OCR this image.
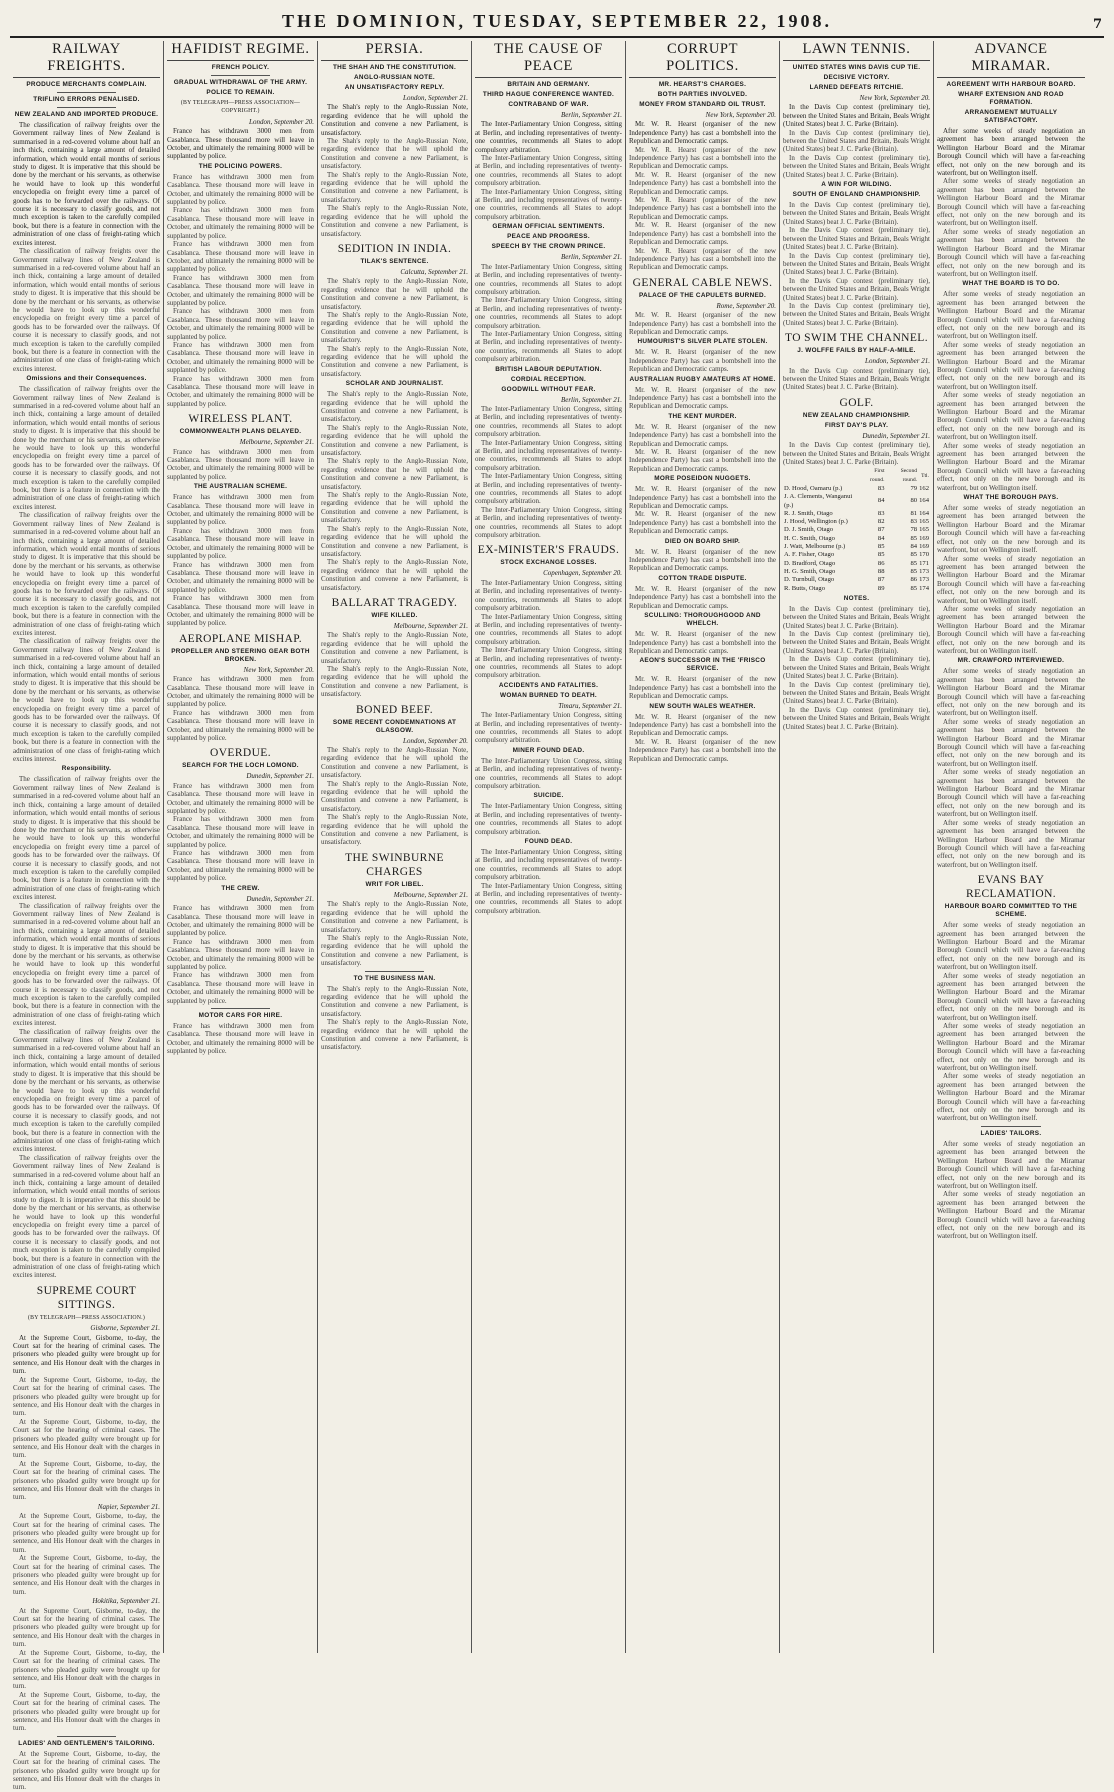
THE DOMINION, TUESDAY, SEPTEMBER 22, 1908.	7
RAILWAY FREIGHTS.
PRODUCE MERCHANTS COMPLAIN.
TRIFLING ERRORS PENALISED.
NEW ZEALAND AND IMPORTED PRODUCE.

The classification of railway freights over the Government railway lines of New Zealand is summarised in a red-covered volume about half an inch thick, containing a large amount of detailed information, which would entail months of serious study to digest. It is imperative that this should be done by the merchant or his servants, as otherwise he would have to look up this wonderful encyclopedia on freight every time a parcel of goods has to be forwarded over the railways. Of course it is necessary to classify goods, and not much exception is taken to the carefully compiled book, but there is a feature in connection with the administration of one class of freight-rating which excites interest.

The classification of railway freights over the Government railway lines of New Zealand is summarised in a red-covered volume about half an inch thick, containing a large amount of detailed information, which would entail months of serious study to digest. It is imperative that this should be done by the merchant or his servants, as otherwise he would have to look up this wonderful encyclopedia on freight every time a parcel of goods has to be forwarded over the railways. Of course it is necessary to classify goods, and not much exception is taken to the carefully compiled book, but there is a feature in connection with the administration of one class of freight-rating which excites interest.

Omissions and their Consequences.

The classification of railway freights over the Government railway lines of New Zealand is summarised in a red-covered volume about half an inch thick, containing a large amount of detailed information, which would entail months of serious study to digest. It is imperative that this should be done by the merchant or his servants, as otherwise he would have to look up this wonderful encyclopedia on freight every time a parcel of goods has to be forwarded over the railways. Of course it is necessary to classify goods, and not much exception is taken to the carefully compiled book, but there is a feature in connection with the administration of one class of freight-rating which excites interest.

The classification of railway freights over the Government railway lines of New Zealand is summarised in a red-covered volume about half an inch thick, containing a large amount of detailed information, which would entail months of serious study to digest. It is imperative that this should be done by the merchant or his servants, as otherwise he would have to look up this wonderful encyclopedia on freight every time a parcel of goods has to be forwarded over the railways. Of course it is necessary to classify goods, and not much exception is taken to the carefully compiled book, but there is a feature in connection with the administration of one class of freight-rating which excites interest.

The classification of railway freights over the Government railway lines of New Zealand is summarised in a red-covered volume about half an inch thick, containing a large amount of detailed information, which would entail months of serious study to digest. It is imperative that this should be done by the merchant or his servants, as otherwise he would have to look up this wonderful encyclopedia on freight every time a parcel of goods has to be forwarded over the railways. Of course it is necessary to classify goods, and not much exception is taken to the carefully compiled book, but there is a feature in connection with the administration of one class of freight-rating which excites interest.

Responsibility.

The classification of railway freights over the Government railway lines of New Zealand is summarised in a red-covered volume about half an inch thick, containing a large amount of detailed information, which would entail months of serious study to digest. It is imperative that this should be done by the merchant or his servants, as otherwise he would have to look up this wonderful encyclopedia on freight every time a parcel of goods has to be forwarded over the railways. Of course it is necessary to classify goods, and not much exception is taken to the carefully compiled book, but there is a feature in connection with the administration of one class of freight-rating which excites interest.

The classification of railway freights over the Government railway lines of New Zealand is summarised in a red-covered volume about half an inch thick, containing a large amount of detailed information, which would entail months of serious study to digest. It is imperative that this should be done by the merchant or his servants, as otherwise he would have to look up this wonderful encyclopedia on freight every time a parcel of goods has to be forwarded over the railways. Of course it is necessary to classify goods, and not much exception is taken to the carefully compiled book, but there is a feature in connection with the administration of one class of freight-rating which excites interest.

The classification of railway freights over the Government railway lines of New Zealand is summarised in a red-covered volume about half an inch thick, containing a large amount of detailed information, which would entail months of serious study to digest. It is imperative that this should be done by the merchant or his servants, as otherwise he would have to look up this wonderful encyclopedia on freight every time a parcel of goods has to be forwarded over the railways. Of course it is necessary to classify goods, and not much exception is taken to the carefully compiled book, but there is a feature in connection with the administration of one class of freight-rating which excites interest.

The classification of railway freights over the Government railway lines of New Zealand is summarised in a red-covered volume about half an inch thick, containing a large amount of detailed information, which would entail months of serious study to digest. It is imperative that this should be done by the merchant or his servants, as otherwise he would have to look up this wonderful encyclopedia on freight every time a parcel of goods has to be forwarded over the railways. Of course it is necessary to classify goods, and not much exception is taken to the carefully compiled book, but there is a feature in connection with the administration of one class of freight-rating which excites interest.

SUPREME COURT SITTINGS.
(BY TELEGRAPH—PRESS ASSOCIATION.)
Gisborne, September 21.

At the Supreme Court, Gisborne, to-day, the Court sat for the hearing of criminal cases. The prisoners who pleaded guilty were brought up for sentence, and His Honour dealt with the charges in turn.

At the Supreme Court, Gisborne, to-day, the Court sat for the hearing of criminal cases. The prisoners who pleaded guilty were brought up for sentence, and His Honour dealt with the charges in turn.

At the Supreme Court, Gisborne, to-day, the Court sat for the hearing of criminal cases. The prisoners who pleaded guilty were brought up for sentence, and His Honour dealt with the charges in turn.

At the Supreme Court, Gisborne, to-day, the Court sat for the hearing of criminal cases. The prisoners who pleaded guilty were brought up for sentence, and His Honour dealt with the charges in turn.

Napier, September 21.

At the Supreme Court, Gisborne, to-day, the Court sat for the hearing of criminal cases. The prisoners who pleaded guilty were brought up for sentence, and His Honour dealt with the charges in turn.

At the Supreme Court, Gisborne, to-day, the Court sat for the hearing of criminal cases. The prisoners who pleaded guilty were brought up for sentence, and His Honour dealt with the charges in turn.

Hokitika, September 21.

At the Supreme Court, Gisborne, to-day, the Court sat for the hearing of criminal cases. The prisoners who pleaded guilty were brought up for sentence, and His Honour dealt with the charges in turn.

At the Supreme Court, Gisborne, to-day, the Court sat for the hearing of criminal cases. The prisoners who pleaded guilty were brought up for sentence, and His Honour dealt with the charges in turn.

At the Supreme Court, Gisborne, to-day, the Court sat for the hearing of criminal cases. The prisoners who pleaded guilty were brought up for sentence, and His Honour dealt with the charges in turn.

LADIES' AND GENTLEMEN'S TAILORING.

At the Supreme Court, Gisborne, to-day, the Court sat for the hearing of criminal cases. The prisoners who pleaded guilty were brought up for sentence, and His Honour dealt with the charges in turn.

HAFIDIST REGIME.
FRENCH POLICY.
GRADUAL WITHDRAWAL OF THE ARMY.
POLICE TO REMAIN.
(BY TELEGRAPH—PRESS ASSOCIATION—COPYRIGHT.)
London, September 20.

France has withdrawn 3000 men from Casablanca. These thousand more will leave in October, and ultimately the remaining 8000 will be supplanted by police.

THE POLICING POWERS.

France has withdrawn 3000 men from Casablanca. These thousand more will leave in October, and ultimately the remaining 8000 will be supplanted by police.

France has withdrawn 3000 men from Casablanca. These thousand more will leave in October, and ultimately the remaining 8000 will be supplanted by police.

France has withdrawn 3000 men from Casablanca. These thousand more will leave in October, and ultimately the remaining 8000 will be supplanted by police.

France has withdrawn 3000 men from Casablanca. These thousand more will leave in October, and ultimately the remaining 8000 will be supplanted by police.

France has withdrawn 3000 men from Casablanca. These thousand more will leave in October, and ultimately the remaining 8000 will be supplanted by police.

France has withdrawn 3000 men from Casablanca. These thousand more will leave in October, and ultimately the remaining 8000 will be supplanted by police.

France has withdrawn 3000 men from Casablanca. These thousand more will leave in October, and ultimately the remaining 8000 will be supplanted by police.

WIRELESS PLANT.
COMMONWEALTH PLANS DELAYED.
Melbourne, September 21.

France has withdrawn 3000 men from Casablanca. These thousand more will leave in October, and ultimately the remaining 8000 will be supplanted by police.

THE AUSTRALIAN SCHEME.

France has withdrawn 3000 men from Casablanca. These thousand more will leave in October, and ultimately the remaining 8000 will be supplanted by police.

France has withdrawn 3000 men from Casablanca. These thousand more will leave in October, and ultimately the remaining 8000 will be supplanted by police.

France has withdrawn 3000 men from Casablanca. These thousand more will leave in October, and ultimately the remaining 8000 will be supplanted by police.

France has withdrawn 3000 men from Casablanca. These thousand more will leave in October, and ultimately the remaining 8000 will be supplanted by police.

AEROPLANE MISHAP.
PROPELLER AND STEERING GEAR BOTH BROKEN.
New York, September 20.

France has withdrawn 3000 men from Casablanca. These thousand more will leave in October, and ultimately the remaining 8000 will be supplanted by police.

France has withdrawn 3000 men from Casablanca. These thousand more will leave in October, and ultimately the remaining 8000 will be supplanted by police.

OVERDUE.
SEARCH FOR THE LOCH LOMOND.
Dunedin, September 21.

France has withdrawn 3000 men from Casablanca. These thousand more will leave in October, and ultimately the remaining 8000 will be supplanted by police.

France has withdrawn 3000 men from Casablanca. These thousand more will leave in October, and ultimately the remaining 8000 will be supplanted by police.

France has withdrawn 3000 men from Casablanca. These thousand more will leave in October, and ultimately the remaining 8000 will be supplanted by police.

THE CREW.
Dunedin, September 21.

France has withdrawn 3000 men from Casablanca. These thousand more will leave in October, and ultimately the remaining 8000 will be supplanted by police.

France has withdrawn 3000 men from Casablanca. These thousand more will leave in October, and ultimately the remaining 8000 will be supplanted by police.

France has withdrawn 3000 men from Casablanca. These thousand more will leave in October, and ultimately the remaining 8000 will be supplanted by police.

MOTOR CARS FOR HIRE.

France has withdrawn 3000 men from Casablanca. These thousand more will leave in October, and ultimately the remaining 8000 will be supplanted by police.

PERSIA.
THE SHAH AND THE CONSTITUTION.
ANGLO-RUSSIAN NOTE.
AN UNSATISFACTORY REPLY.
London, September 21.

The Shah's reply to the Anglo-Russian Note, regarding evidence that he will uphold the Constitution and convene a new Parliament, is unsatisfactory.

The Shah's reply to the Anglo-Russian Note, regarding evidence that he will uphold the Constitution and convene a new Parliament, is unsatisfactory.

The Shah's reply to the Anglo-Russian Note, regarding evidence that he will uphold the Constitution and convene a new Parliament, is unsatisfactory.

The Shah's reply to the Anglo-Russian Note, regarding evidence that he will uphold the Constitution and convene a new Parliament, is unsatisfactory.

SEDITION IN INDIA.
TILAK'S SENTENCE.
Calcutta, September 21.

The Shah's reply to the Anglo-Russian Note, regarding evidence that he will uphold the Constitution and convene a new Parliament, is unsatisfactory.

The Shah's reply to the Anglo-Russian Note, regarding evidence that he will uphold the Constitution and convene a new Parliament, is unsatisfactory.

The Shah's reply to the Anglo-Russian Note, regarding evidence that he will uphold the Constitution and convene a new Parliament, is unsatisfactory.

SCHOLAR AND JOURNALIST.

The Shah's reply to the Anglo-Russian Note, regarding evidence that he will uphold the Constitution and convene a new Parliament, is unsatisfactory.

The Shah's reply to the Anglo-Russian Note, regarding evidence that he will uphold the Constitution and convene a new Parliament, is unsatisfactory.

The Shah's reply to the Anglo-Russian Note, regarding evidence that he will uphold the Constitution and convene a new Parliament, is unsatisfactory.

The Shah's reply to the Anglo-Russian Note, regarding evidence that he will uphold the Constitution and convene a new Parliament, is unsatisfactory.

The Shah's reply to the Anglo-Russian Note, regarding evidence that he will uphold the Constitution and convene a new Parliament, is unsatisfactory.

The Shah's reply to the Anglo-Russian Note, regarding evidence that he will uphold the Constitution and convene a new Parliament, is unsatisfactory.

BALLARAT TRAGEDY.
WIFE KILLED.
Melbourne, September 21.

The Shah's reply to the Anglo-Russian Note, regarding evidence that he will uphold the Constitution and convene a new Parliament, is unsatisfactory.

The Shah's reply to the Anglo-Russian Note, regarding evidence that he will uphold the Constitution and convene a new Parliament, is unsatisfactory.

BONED BEEF.
SOME RECENT CONDEMNATIONS AT GLASGOW.
London, September 20.

The Shah's reply to the Anglo-Russian Note, regarding evidence that he will uphold the Constitution and convene a new Parliament, is unsatisfactory.

The Shah's reply to the Anglo-Russian Note, regarding evidence that he will uphold the Constitution and convene a new Parliament, is unsatisfactory.

The Shah's reply to the Anglo-Russian Note, regarding evidence that he will uphold the Constitution and convene a new Parliament, is unsatisfactory.

THE SWINBURNE CHARGES
WRIT FOR LIBEL.
Melbourne, September 21.

The Shah's reply to the Anglo-Russian Note, regarding evidence that he will uphold the Constitution and convene a new Parliament, is unsatisfactory.

The Shah's reply to the Anglo-Russian Note, regarding evidence that he will uphold the Constitution and convene a new Parliament, is unsatisfactory.

TO THE BUSINESS MAN.

The Shah's reply to the Anglo-Russian Note, regarding evidence that he will uphold the Constitution and convene a new Parliament, is unsatisfactory.

The Shah's reply to the Anglo-Russian Note, regarding evidence that he will uphold the Constitution and convene a new Parliament, is unsatisfactory.

THE CAUSE OF PEACE
BRITAIN AND GERMANY.
THIRD HAGUE CONFERENCE WANTED.
CONTRABAND OF WAR.
Berlin, September 21.

The Inter-Parliamentary Union Congress, sitting at Berlin, and including representatives of twenty-one countries, recommends all States to adopt compulsory arbitration.

The Inter-Parliamentary Union Congress, sitting at Berlin, and including representatives of twenty-one countries, recommends all States to adopt compulsory arbitration.

The Inter-Parliamentary Union Congress, sitting at Berlin, and including representatives of twenty-one countries, recommends all States to adopt compulsory arbitration.

GERMAN OFFICIAL SENTIMENTS.
PEACE AND PROGRESS.
SPEECH BY THE CROWN PRINCE.
Berlin, September 21.

The Inter-Parliamentary Union Congress, sitting at Berlin, and including representatives of twenty-one countries, recommends all States to adopt compulsory arbitration.

The Inter-Parliamentary Union Congress, sitting at Berlin, and including representatives of twenty-one countries, recommends all States to adopt compulsory arbitration.

The Inter-Parliamentary Union Congress, sitting at Berlin, and including representatives of twenty-one countries, recommends all States to adopt compulsory arbitration.

BRITISH LABOUR DEPUTATION.
CORDIAL RECEPTION.
GOODWILL WITHOUT FEAR.
Berlin, September 21.

The Inter-Parliamentary Union Congress, sitting at Berlin, and including representatives of twenty-one countries, recommends all States to adopt compulsory arbitration.

The Inter-Parliamentary Union Congress, sitting at Berlin, and including representatives of twenty-one countries, recommends all States to adopt compulsory arbitration.

The Inter-Parliamentary Union Congress, sitting at Berlin, and including representatives of twenty-one countries, recommends all States to adopt compulsory arbitration.

The Inter-Parliamentary Union Congress, sitting at Berlin, and including representatives of twenty-one countries, recommends all States to adopt compulsory arbitration.

EX-MINISTER'S FRAUDS.
STOCK EXCHANGE LOSSES.
Copenhagen, September 20.

The Inter-Parliamentary Union Congress, sitting at Berlin, and including representatives of twenty-one countries, recommends all States to adopt compulsory arbitration.

The Inter-Parliamentary Union Congress, sitting at Berlin, and including representatives of twenty-one countries, recommends all States to adopt compulsory arbitration.

The Inter-Parliamentary Union Congress, sitting at Berlin, and including representatives of twenty-one countries, recommends all States to adopt compulsory arbitration.

ACCIDENTS AND FATALITIES.
WOMAN BURNED TO DEATH.
Timaru, September 21.

The Inter-Parliamentary Union Congress, sitting at Berlin, and including representatives of twenty-one countries, recommends all States to adopt compulsory arbitration.

MINER FOUND DEAD.

The Inter-Parliamentary Union Congress, sitting at Berlin, and including representatives of twenty-one countries, recommends all States to adopt compulsory arbitration.

SUICIDE.

The Inter-Parliamentary Union Congress, sitting at Berlin, and including representatives of twenty-one countries, recommends all States to adopt compulsory arbitration.

FOUND DEAD.

The Inter-Parliamentary Union Congress, sitting at Berlin, and including representatives of twenty-one countries, recommends all States to adopt compulsory arbitration.

The Inter-Parliamentary Union Congress, sitting at Berlin, and including representatives of twenty-one countries, recommends all States to adopt compulsory arbitration.

CORRUPT POLITICS.
MR. HEARST'S CHARGES.
BOTH PARTIES INVOLVED.
MONEY FROM STANDARD OIL TRUST.
New York, September 20.

Mr. W. R. Hearst (organiser of the new Independence Party) has cast a bombshell into the Republican and Democratic camps.

Mr. W. R. Hearst (organiser of the new Independence Party) has cast a bombshell into the Republican and Democratic camps.

Mr. W. R. Hearst (organiser of the new Independence Party) has cast a bombshell into the Republican and Democratic camps.

Mr. W. R. Hearst (organiser of the new Independence Party) has cast a bombshell into the Republican and Democratic camps.

Mr. W. R. Hearst (organiser of the new Independence Party) has cast a bombshell into the Republican and Democratic camps.

Mr. W. R. Hearst (organiser of the new Independence Party) has cast a bombshell into the Republican and Democratic camps.

GENERAL CABLE NEWS.
PALACE OF THE CAPULETS BURNED.
Rome, September 20.

Mr. W. R. Hearst (organiser of the new Independence Party) has cast a bombshell into the Republican and Democratic camps.

HUMOURIST'S SILVER PLATE STOLEN.

Mr. W. R. Hearst (organiser of the new Independence Party) has cast a bombshell into the Republican and Democratic camps.

AUSTRALIAN RUGBY AMATEURS AT HOME.

Mr. W. R. Hearst (organiser of the new Independence Party) has cast a bombshell into the Republican and Democratic camps.

THE KENT MURDER.

Mr. W. R. Hearst (organiser of the new Independence Party) has cast a bombshell into the Republican and Democratic camps.

Mr. W. R. Hearst (organiser of the new Independence Party) has cast a bombshell into the Republican and Democratic camps.

MORE POSEIDON NUGGETS.

Mr. W. R. Hearst (organiser of the new Independence Party) has cast a bombshell into the Republican and Democratic camps.

Mr. W. R. Hearst (organiser of the new Independence Party) has cast a bombshell into the Republican and Democratic camps.

DIED ON BOARD SHIP.

Mr. W. R. Hearst (organiser of the new Independence Party) has cast a bombshell into the Republican and Democratic camps.

COTTON TRADE DISPUTE.

Mr. W. R. Hearst (organiser of the new Independence Party) has cast a bombshell into the Republican and Democratic camps.

SCULLING: THOROUGHGOOD AND WHELCH.

Mr. W. R. Hearst (organiser of the new Independence Party) has cast a bombshell into the Republican and Democratic camps.

AEON'S SUCCESSOR IN THE 'FRISCO SERVICE.

Mr. W. R. Hearst (organiser of the new Independence Party) has cast a bombshell into the Republican and Democratic camps.

NEW SOUTH WALES WEATHER.

Mr. W. R. Hearst (organiser of the new Independence Party) has cast a bombshell into the Republican and Democratic camps.

Mr. W. R. Hearst (organiser of the new Independence Party) has cast a bombshell into the Republican and Democratic camps.

LAWN TENNIS.
UNITED STATES WINS DAVIS CUP TIE.
DECISIVE VICTORY.
LARNED DEFEATS RITCHIE.
New York, September 20.

In the Davis Cup contest (preliminary tie), between the United States and Britain, Beals Wright (United States) beat J. C. Parke (Britain).

In the Davis Cup contest (preliminary tie), between the United States and Britain, Beals Wright (United States) beat J. C. Parke (Britain).

In the Davis Cup contest (preliminary tie), between the United States and Britain, Beals Wright (United States) beat J. C. Parke (Britain).

A WIN FOR WILDING.
SOUTH OF ENGLAND CHAMPIONSHIP.

In the Davis Cup contest (preliminary tie), between the United States and Britain, Beals Wright (United States) beat J. C. Parke (Britain).

In the Davis Cup contest (preliminary tie), between the United States and Britain, Beals Wright (United States) beat J. C. Parke (Britain).

In the Davis Cup contest (preliminary tie), between the United States and Britain, Beals Wright (United States) beat J. C. Parke (Britain).

In the Davis Cup contest (preliminary tie), between the United States and Britain, Beals Wright (United States) beat J. C. Parke (Britain).

In the Davis Cup contest (preliminary tie), between the United States and Britain, Beals Wright (United States) beat J. C. Parke (Britain).

TO SWIM THE CHANNEL.
J. WOLFFE FAILS BY HALF-A-MILE.
London, September 21.

In the Davis Cup contest (preliminary tie), between the United States and Britain, Beals Wright (United States) beat J. C. Parke (Britain).

GOLF.
NEW ZEALAND CHAMPIONSHIP.
FIRST DAY'S PLAY.
Dunedin, September 21.

In the Davis Cup contest (preliminary tie), between the United States and Britain, Beals Wright (United States) beat J. C. Parke (Britain).

	First round.	Second round.	Ttl.
D. Hood, Oamaru (p.)	83	79	162
J. A. Clements, Wanganui (p.)	84	80	164
R. J. Smith, Otago	83	81	164
J. Hood, Wellington (p.)	82	83	165
D. J. Smith, Otago	87	78	165
H. C. Smith, Otago	84	85	169
J. Watt, Melbourne (p.)	85	84	169
A. F. Fisher, Otago	85	85	170
D. Bradford, Otago	86	85	171
H. G. Smith, Otago	88	85	173
D. Turnbull, Otago	87	86	173
R. Butts, Otago	89	85	174
NOTES.

In the Davis Cup contest (preliminary tie), between the United States and Britain, Beals Wright (United States) beat J. C. Parke (Britain).

In the Davis Cup contest (preliminary tie), between the United States and Britain, Beals Wright (United States) beat J. C. Parke (Britain).

In the Davis Cup contest (preliminary tie), between the United States and Britain, Beals Wright (United States) beat J. C. Parke (Britain).

In the Davis Cup contest (preliminary tie), between the United States and Britain, Beals Wright (United States) beat J. C. Parke (Britain).

In the Davis Cup contest (preliminary tie), between the United States and Britain, Beals Wright (United States) beat J. C. Parke (Britain).

ADVANCE MIRAMAR.
AGREEMENT WITH HARBOUR BOARD.
WHARF EXTENSION AND ROAD FORMATION.
ARRANGEMENT MUTUALLY SATISFACTORY.

After some weeks of steady negotiation an agreement has been arranged between the Wellington Harbour Board and the Miramar Borough Council which will have a far-reaching effect, not only on the new borough and its waterfront, but on Wellington itself.

After some weeks of steady negotiation an agreement has been arranged between the Wellington Harbour Board and the Miramar Borough Council which will have a far-reaching effect, not only on the new borough and its waterfront, but on Wellington itself.

After some weeks of steady negotiation an agreement has been arranged between the Wellington Harbour Board and the Miramar Borough Council which will have a far-reaching effect, not only on the new borough and its waterfront, but on Wellington itself.

WHAT THE BOARD IS TO DO.

After some weeks of steady negotiation an agreement has been arranged between the Wellington Harbour Board and the Miramar Borough Council which will have a far-reaching effect, not only on the new borough and its waterfront, but on Wellington itself.

After some weeks of steady negotiation an agreement has been arranged between the Wellington Harbour Board and the Miramar Borough Council which will have a far-reaching effect, not only on the new borough and its waterfront, but on Wellington itself.

After some weeks of steady negotiation an agreement has been arranged between the Wellington Harbour Board and the Miramar Borough Council which will have a far-reaching effect, not only on the new borough and its waterfront, but on Wellington itself.

After some weeks of steady negotiation an agreement has been arranged between the Wellington Harbour Board and the Miramar Borough Council which will have a far-reaching effect, not only on the new borough and its waterfront, but on Wellington itself.

WHAT THE BOROUGH PAYS.

After some weeks of steady negotiation an agreement has been arranged between the Wellington Harbour Board and the Miramar Borough Council which will have a far-reaching effect, not only on the new borough and its waterfront, but on Wellington itself.

After some weeks of steady negotiation an agreement has been arranged between the Wellington Harbour Board and the Miramar Borough Council which will have a far-reaching effect, not only on the new borough and its waterfront, but on Wellington itself.

After some weeks of steady negotiation an agreement has been arranged between the Wellington Harbour Board and the Miramar Borough Council which will have a far-reaching effect, not only on the new borough and its waterfront, but on Wellington itself.

MR. CRAWFORD INTERVIEWED.

After some weeks of steady negotiation an agreement has been arranged between the Wellington Harbour Board and the Miramar Borough Council which will have a far-reaching effect, not only on the new borough and its waterfront, but on Wellington itself.

After some weeks of steady negotiation an agreement has been arranged between the Wellington Harbour Board and the Miramar Borough Council which will have a far-reaching effect, not only on the new borough and its waterfront, but on Wellington itself.

After some weeks of steady negotiation an agreement has been arranged between the Wellington Harbour Board and the Miramar Borough Council which will have a far-reaching effect, not only on the new borough and its waterfront, but on Wellington itself.

After some weeks of steady negotiation an agreement has been arranged between the Wellington Harbour Board and the Miramar Borough Council which will have a far-reaching effect, not only on the new borough and its waterfront, but on Wellington itself.

EVANS BAY RECLAMATION.
HARBOUR BOARD COMMITTED TO THE SCHEME.

After some weeks of steady negotiation an agreement has been arranged between the Wellington Harbour Board and the Miramar Borough Council which will have a far-reaching effect, not only on the new borough and its waterfront, but on Wellington itself.

After some weeks of steady negotiation an agreement has been arranged between the Wellington Harbour Board and the Miramar Borough Council which will have a far-reaching effect, not only on the new borough and its waterfront, but on Wellington itself.

After some weeks of steady negotiation an agreement has been arranged between the Wellington Harbour Board and the Miramar Borough Council which will have a far-reaching effect, not only on the new borough and its waterfront, but on Wellington itself.

After some weeks of steady negotiation an agreement has been arranged between the Wellington Harbour Board and the Miramar Borough Council which will have a far-reaching effect, not only on the new borough and its waterfront, but on Wellington itself.

LADIES' TAILORS.

After some weeks of steady negotiation an agreement has been arranged between the Wellington Harbour Board and the Miramar Borough Council which will have a far-reaching effect, not only on the new borough and its waterfront, but on Wellington itself.

After some weeks of steady negotiation an agreement has been arranged between the Wellington Harbour Board and the Miramar Borough Council which will have a far-reaching effect, not only on the new borough and its waterfront, but on Wellington itself.
